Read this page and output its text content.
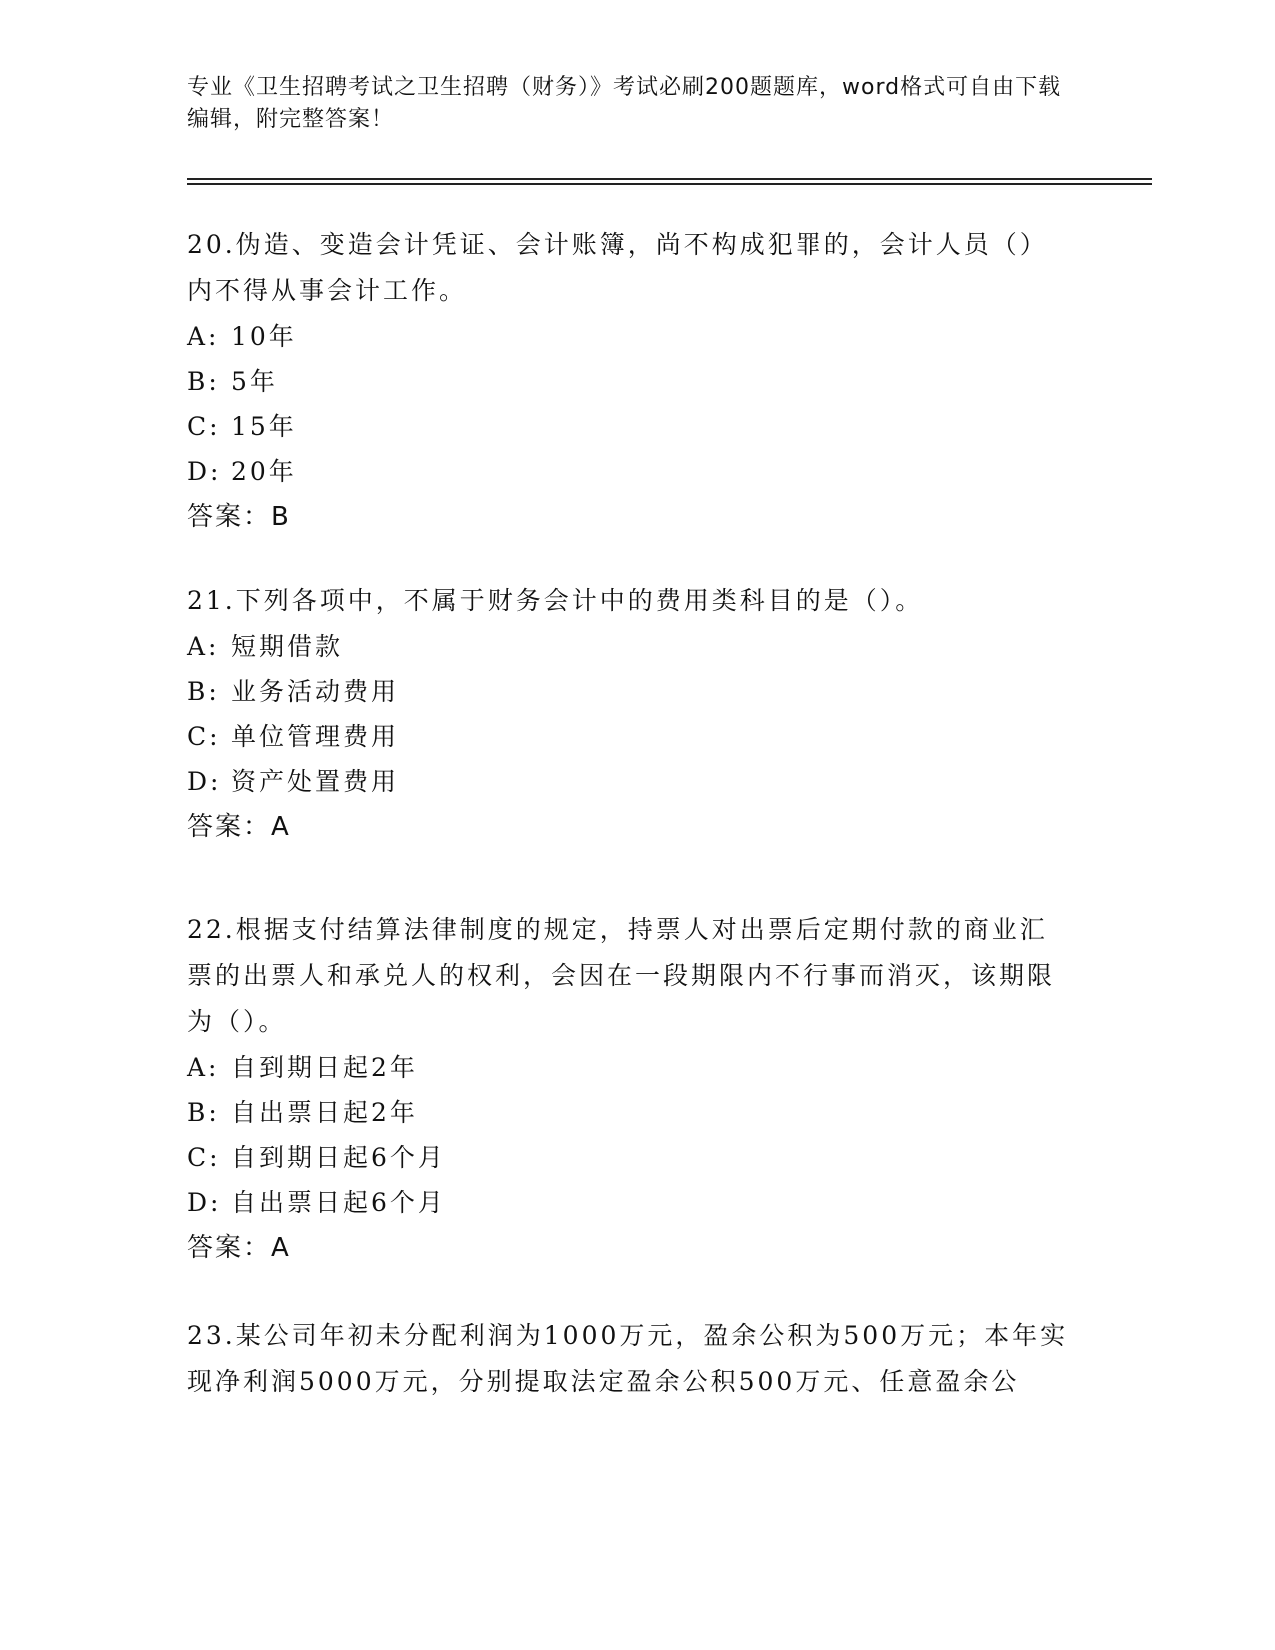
专业《卫生招聘考试之卫生招聘（财务）》考试必刷200题题库，word格式可自由下载编辑，附完整答案！

20.伪造、变造会计凭证、会计账簿，尚不构成犯罪的，会计人员（）内不得从事会计工作。

A: 10年

B: 5年

C: 15年

D: 20年

答案：B

21.下列各项中，不属于财务会计中的费用类科目的是（）。

A: 短期借款

B: 业务活动费用

C: 单位管理费用

D: 资产处置费用

答案：A

22.根据支付结算法律制度的规定，持票人对出票后定期付款的商业汇票的出票人和承兑人的权利，会因在一段期限内不行事而消灭，该期限为（）。

A: 自到期日起2年

B: 自出票日起2年

C: 自到期日起6个月

D: 自出票日起6个月

答案：A

23.某公司年初未分配利润为1000万元，盈余公积为500万元；本年实现净利润5000万元，分别提取法定盈余公积500万元、任意盈余公
